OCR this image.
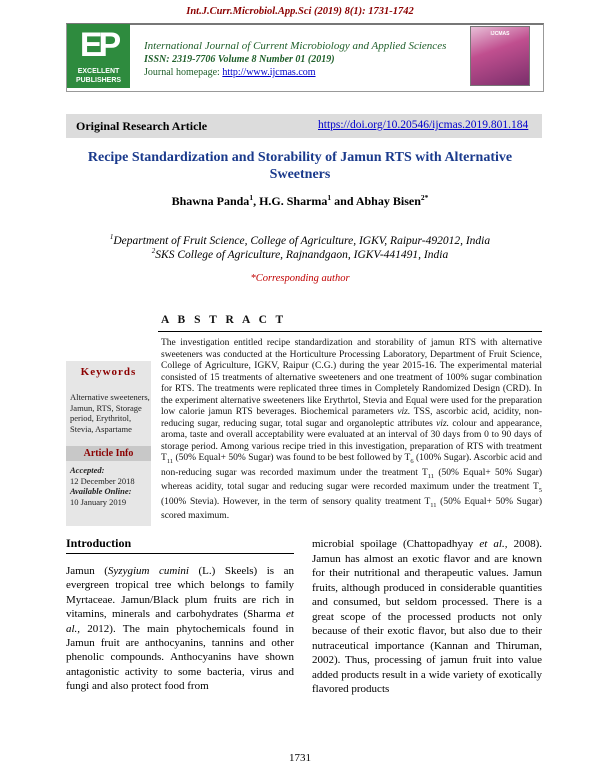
Int.J.Curr.Microbiol.App.Sci (2019) 8(1): 1731-1742
EP
EXCELLENT
PUBLISHERS
International Journal of Current Microbiology and Applied Sciences
ISSN: 2319-7706 Volume 8 Number 01 (2019)
Journal homepage: http://www.ijcmas.com
IJCMAS
Original Research Article	https://doi.org/10.20546/ijcmas.2019.801.184
Recipe Standardization and Storability of Jamun RTS with Alternative Sweetners
Bhawna Panda$^1$, H.G. Sharma$^1$ and Abhay Bisen$^{2*}$
$^1$Department of Fruit Science, College of Agriculture, IGKV, Raipur-492012, India
$^2$SKS College of Agriculture, Rajnandgaon, IGKV-441491, India
*Corresponding author
A B S T R A C T
Keywords
Alternative sweeteners, Jamun, RTS, Storage period, Erythritol, Stevia, Aspartame
Article Info
Accepted:
12 December 2018
Available Online:
10 January 2019
The investigation entitled recipe standardization and storability of jamun RTS with alternative sweeteners was conducted at the Horticulture Processing Laboratory, Department of Fruit Science, College of Agriculture, IGKV, Raipur (C.G.) during the year 2015-16. The experimental material consisted of 15 treatments of alternative sweeteners and one treatment of 100% sugar combination for RTS. The treatments were replicated three times in Completely Randomized Design (CRD). In the experiment alternative sweeteners like Erythrtol, Stevia and Equal were used for the preparation low calorie jamun RTS beverages. Biochemical parameters viz. TSS, ascorbic acid, acidity, non-reducing sugar, reducing sugar, total sugar and organoleptic attributes viz. colour and appearance, aroma, taste and overall acceptability were evaluated at an interval of 30 days from 0 to 90 days of storage period. Among various recipe tried in this investigation, preparation of RTS with treatment $T_{11}$ (50% Equal+ 50% Sugar) was found to be best followed by $T_6$ (100% Sugar). Ascorbic acid and non-reducing sugar was recorded maximum under the treatment $T_{11}$ (50% Equal+ 50% Sugar) whereas acidity, total sugar and reducing sugar were recorded maximum under the treatment $T_5$ (100% Stevia). However, in the term of sensory quality treatment $T_{11}$ (50% Equal+ 50% Sugar) scored maximum.
Introduction
Jamun (Syzygium cumini (L.) Skeels) is an evergreen tropical tree which belongs to family Myrtaceae. Jamun/Black plum fruits are rich in vitamins, minerals and carbohydrates (Sharma et al., 2012). The main phytochemicals found in Jamun fruit are anthocyanins, tannins and other phenolic compounds. Anthocyanins have shown antagonistic activity to some bacteria, virus and fungi and also protect food from
microbial spoilage (Chattopadhyay et al., 2008). Jamun has almost an exotic flavor and are known for their nutritional and therapeutic values. Jamun fruits, although produced in considerable quantities and consumed, but seldom processed. There is a great scope of the processed products not only because of their exotic flavor, but also due to their nutraceutical importance (Kannan and Thiruman, 2002). Thus, processing of jamun fruit into value added products result in a wide variety of exotically flavored products
1731
